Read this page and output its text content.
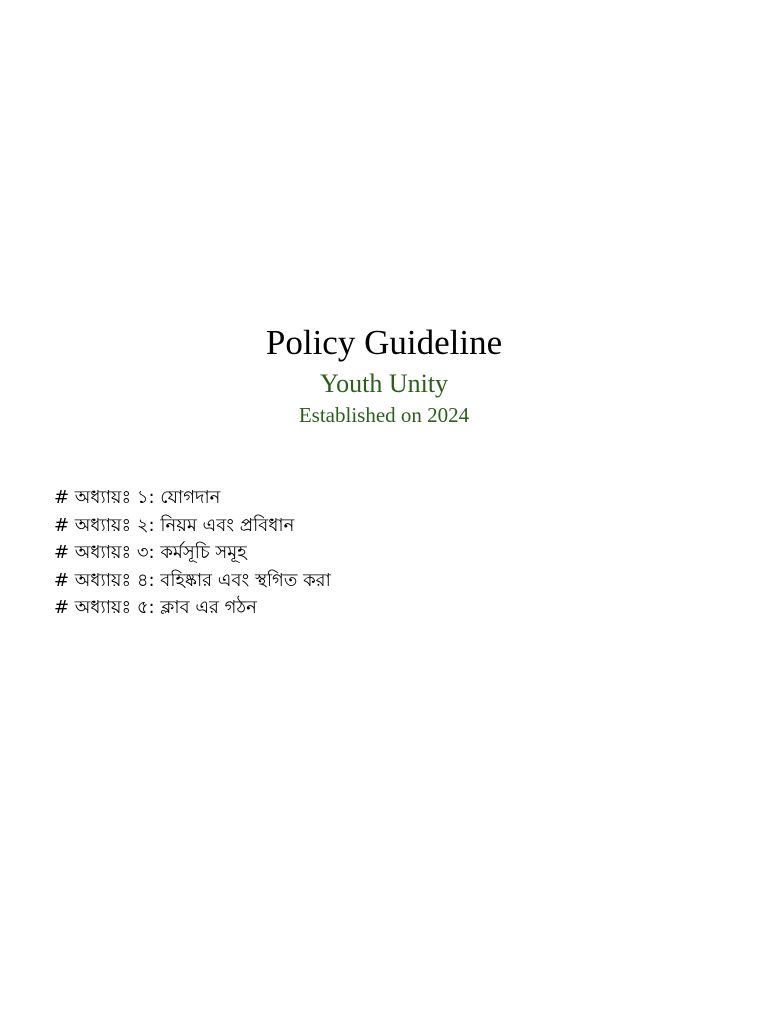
Policy Guideline
Youth Unity
Established on 2024
# অধ্যায়ঃ ১: যোগদান
# অধ্যায়ঃ ২: নিয়ম এবং প্রবিধান
# অধ্যায়ঃ ৩: কর্মসূচি সমূহ
# অধ্যায়ঃ ৪: বহিষ্কার এবং স্থগিত করা
# অধ্যায়ঃ ৫: ক্লাব এর গঠন
